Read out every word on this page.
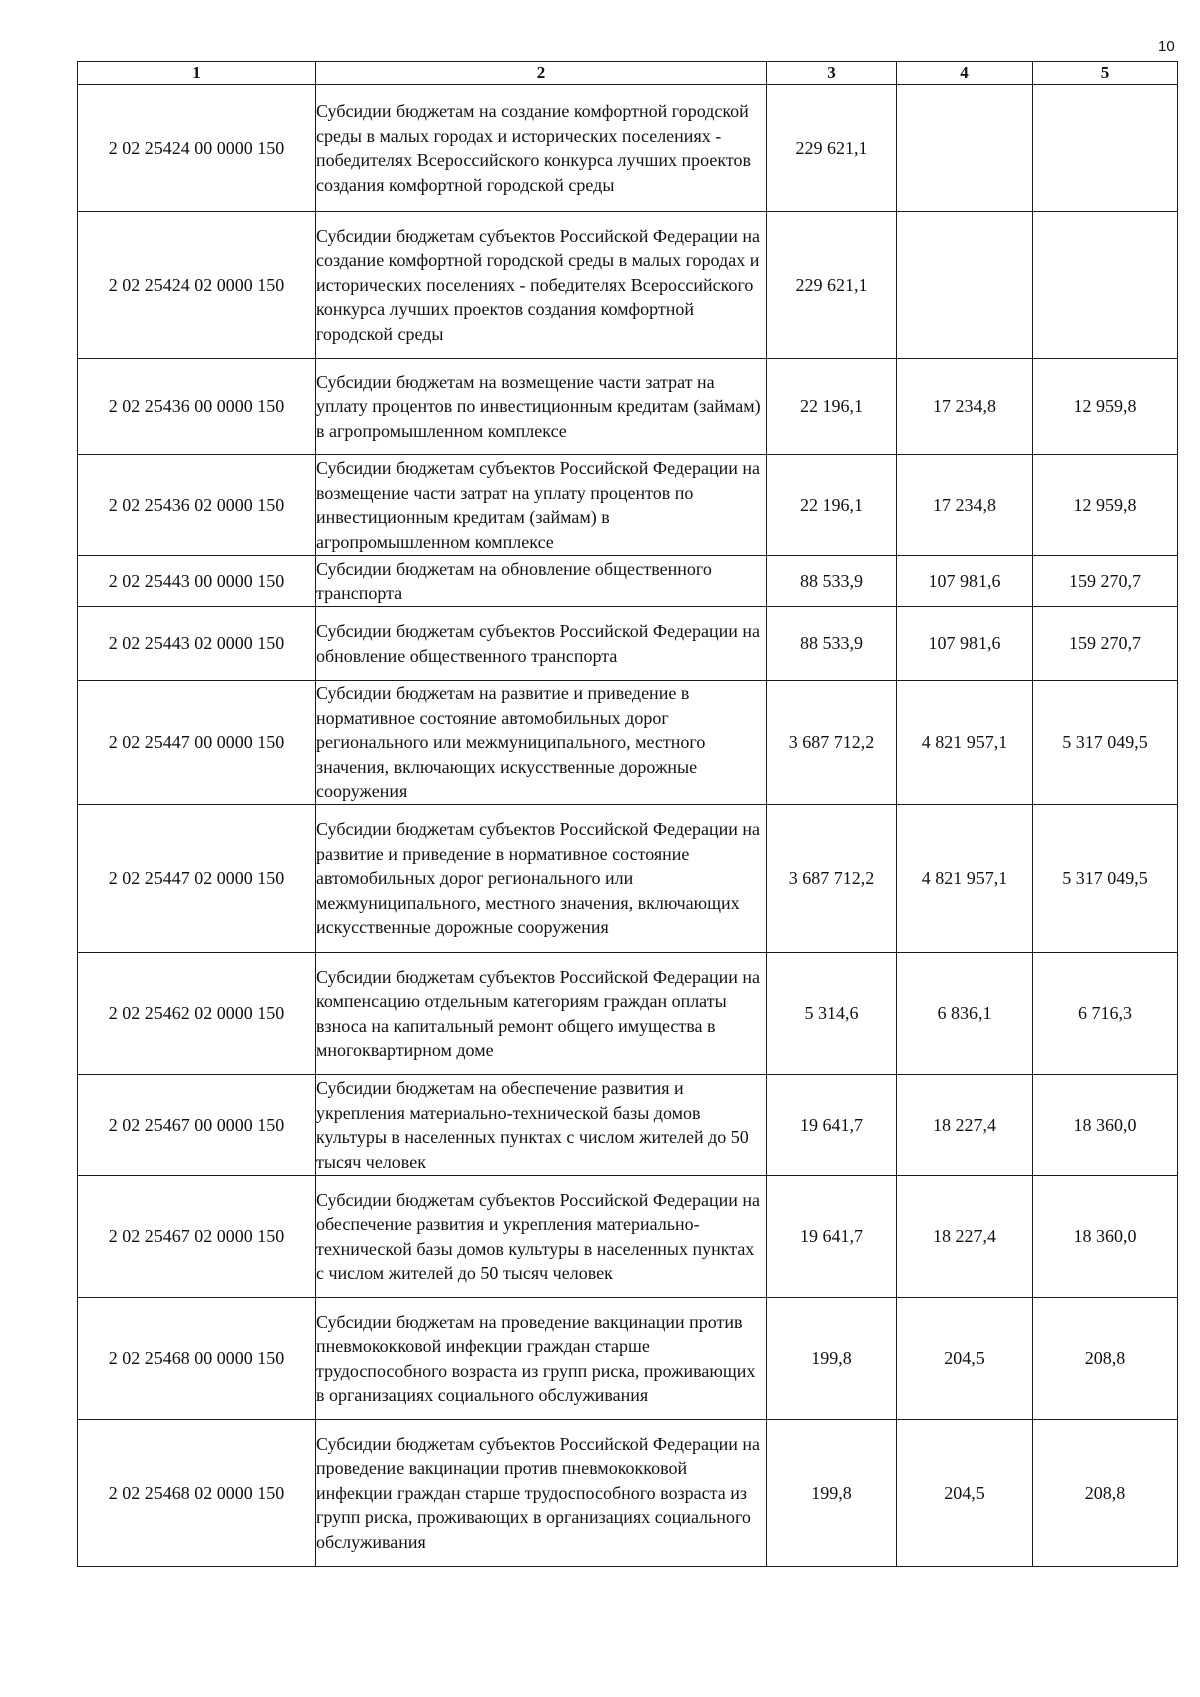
10
1	2	3	4	5
2 02 25424 00 0000 150	Субсидии бюджетам на создание комфортной городской среды в малых городах и исторических поселениях - победителях Всероссийского конкурса лучших проектов создания комфортной городской среды	229 621,1		
2 02 25424 02 0000 150	Субсидии бюджетам субъектов Российской Федерации на создание комфортной городской среды в малых городах и исторических поселениях - победителях Всероссийского конкурса лучших проектов создания комфортной городской среды	229 621,1		
2 02 25436 00 0000 150	Субсидии бюджетам на возмещение части затрат на уплату процентов по инвестиционным кредитам (займам) в агропромышленном комплексе	22 196,1	17 234,8	12 959,8
2 02 25436 02 0000 150	Субсидии бюджетам субъектов Российской Федерации на возмещение части затрат на уплату процентов по инвестиционным кредитам (займам) в агропромышленном комплексе	22 196,1	17 234,8	12 959,8
2 02 25443 00 0000 150	Субсидии бюджетам на обновление общественного транспорта	88 533,9	107 981,6	159 270,7
2 02 25443 02 0000 150	Субсидии бюджетам субъектов Российской Федерации на обновление общественного транспорта	88 533,9	107 981,6	159 270,7
2 02 25447 00 0000 150	Субсидии бюджетам на развитие и приведение в нормативное состояние автомобильных дорог регионального или межмуниципального, местного значения, включающих искусственные дорожные сооружения	3 687 712,2	4 821 957,1	5 317 049,5
2 02 25447 02 0000 150	Субсидии бюджетам субъектов Российской Федерации на развитие и приведение в нормативное состояние автомобильных дорог регионального или межмуниципального, местного значения, включающих искусственные дорожные сооружения	3 687 712,2	4 821 957,1	5 317 049,5
2 02 25462 02 0000 150	Субсидии бюджетам субъектов Российской Федерации на компенсацию отдельным категориям граждан оплаты взноса на капитальный ремонт общего имущества в многоквартирном доме	5 314,6	6 836,1	6 716,3
2 02 25467 00 0000 150	Субсидии бюджетам на обеспечение развития и укрепления материально-технической базы домов культуры в населенных пунктах с числом жителей до 50 тысяч человек	19 641,7	18 227,4	18 360,0
2 02 25467 02 0000 150	Субсидии бюджетам субъектов Российской Федерации на обеспечение развития и укрепления материально-технической базы домов культуры в населенных пунктах с числом жителей до 50 тысяч человек	19 641,7	18 227,4	18 360,0
2 02 25468 00 0000 150	Субсидии бюджетам на проведение вакцинации против пневмококковой инфекции граждан старше трудоспособного возраста из групп риска, проживающих в организациях социального обслуживания	199,8	204,5	208,8
2 02 25468 02 0000 150	Субсидии бюджетам субъектов Российской Федерации на проведение вакцинации против пневмококковой инфекции граждан старше трудоспособного возраста из групп риска, проживающих в организациях социального обслуживания	199,8	204,5	208,8
